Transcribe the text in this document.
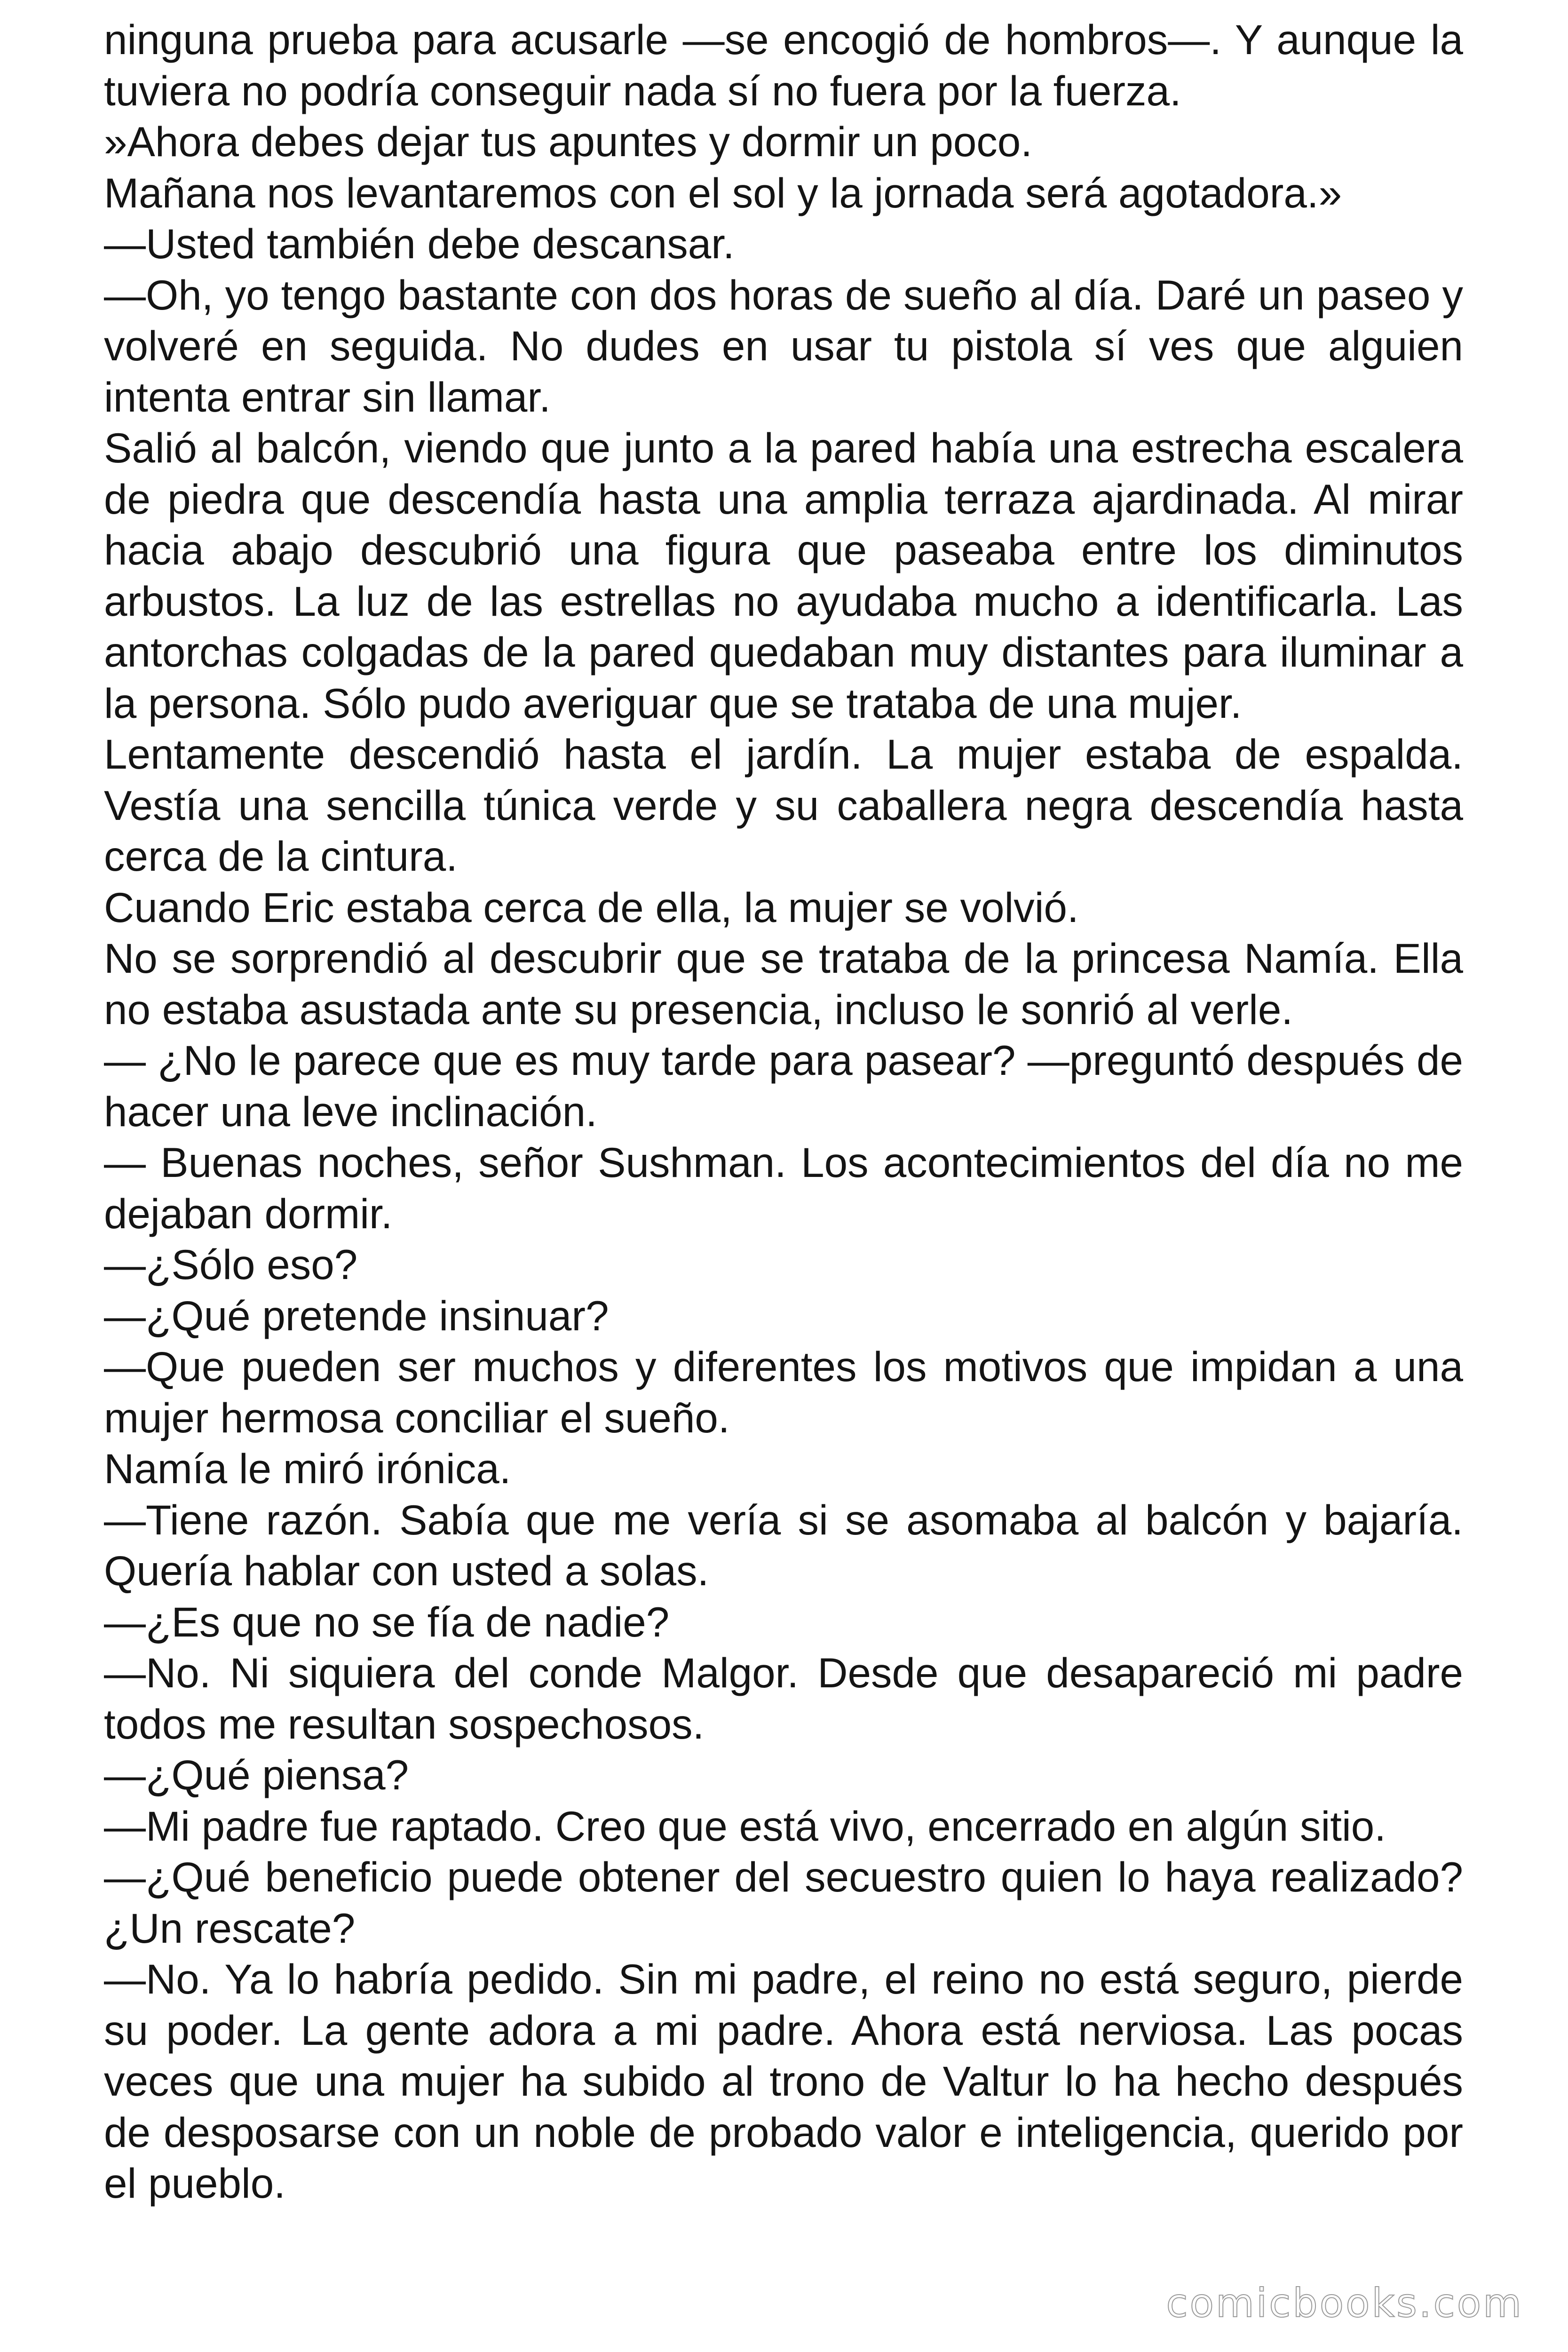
ninguna prueba para acusarle —se encogió de hombros—. Y aunque la tuviera no podría conseguir nada sí no fuera por la fuerza.

»Ahora debes dejar tus apuntes y dormir un poco.

Mañana nos levantaremos con el sol y la jornada será agotadora.»

—Usted también debe descansar.

—Oh, yo tengo bastante con dos horas de sueño al día. Daré un paseo y volveré en seguida. No dudes en usar tu pistola sí ves que alguien intenta entrar sin llamar.

Salió al balcón, viendo que junto a la pared había una estrecha escalera de piedra que descendía hasta una amplia terraza ajardinada. Al mirar hacia abajo descubrió una figura que paseaba entre los diminutos arbustos. La luz de las estrellas no ayudaba mucho a identificarla. Las antorchas colgadas de la pared quedaban muy distantes para iluminar a la persona. Sólo pudo averiguar que se trataba de una mujer.

Lentamente descendió hasta el jardín. La mujer estaba de espalda. Vestía una sencilla túnica verde y su caballera negra descendía hasta cerca de la cintura.

Cuando Eric estaba cerca de ella, la mujer se volvió.

No se sorprendió al descubrir que se trataba de la princesa Namía. Ella no estaba asustada ante su presencia, incluso le sonrió al verle.

— ¿No le parece que es muy tarde para pasear? —preguntó después de hacer una leve inclinación.

— Buenas noches, señor Sushman. Los acontecimientos del día no me dejaban dormir.

—¿Sólo eso?

—¿Qué pretende insinuar?

—Que pueden ser muchos y diferentes los motivos que impidan a una mujer hermosa conciliar el sueño.

Namía le miró irónica.

—Tiene razón. Sabía que me vería si se asomaba al balcón y bajaría. Quería hablar con usted a solas.

—¿Es que no se fía de nadie?

—No. Ni siquiera del conde Malgor. Desde que desapareció mi padre todos me resultan sospechosos.

—¿Qué piensa?

—Mi padre fue raptado. Creo que está vivo, encerrado en algún sitio.

—¿Qué beneficio puede obtener del secuestro quien lo haya realizado? ¿Un rescate?

—No. Ya lo habría pedido. Sin mi padre, el reino no está seguro, pierde su poder. La gente adora a mi padre. Ahora está nerviosa. Las pocas veces que una mujer ha subido al trono de Valtur lo ha hecho después de desposarse con un noble de probado valor e inteligencia, querido por el pueblo.

comicbooks.com
